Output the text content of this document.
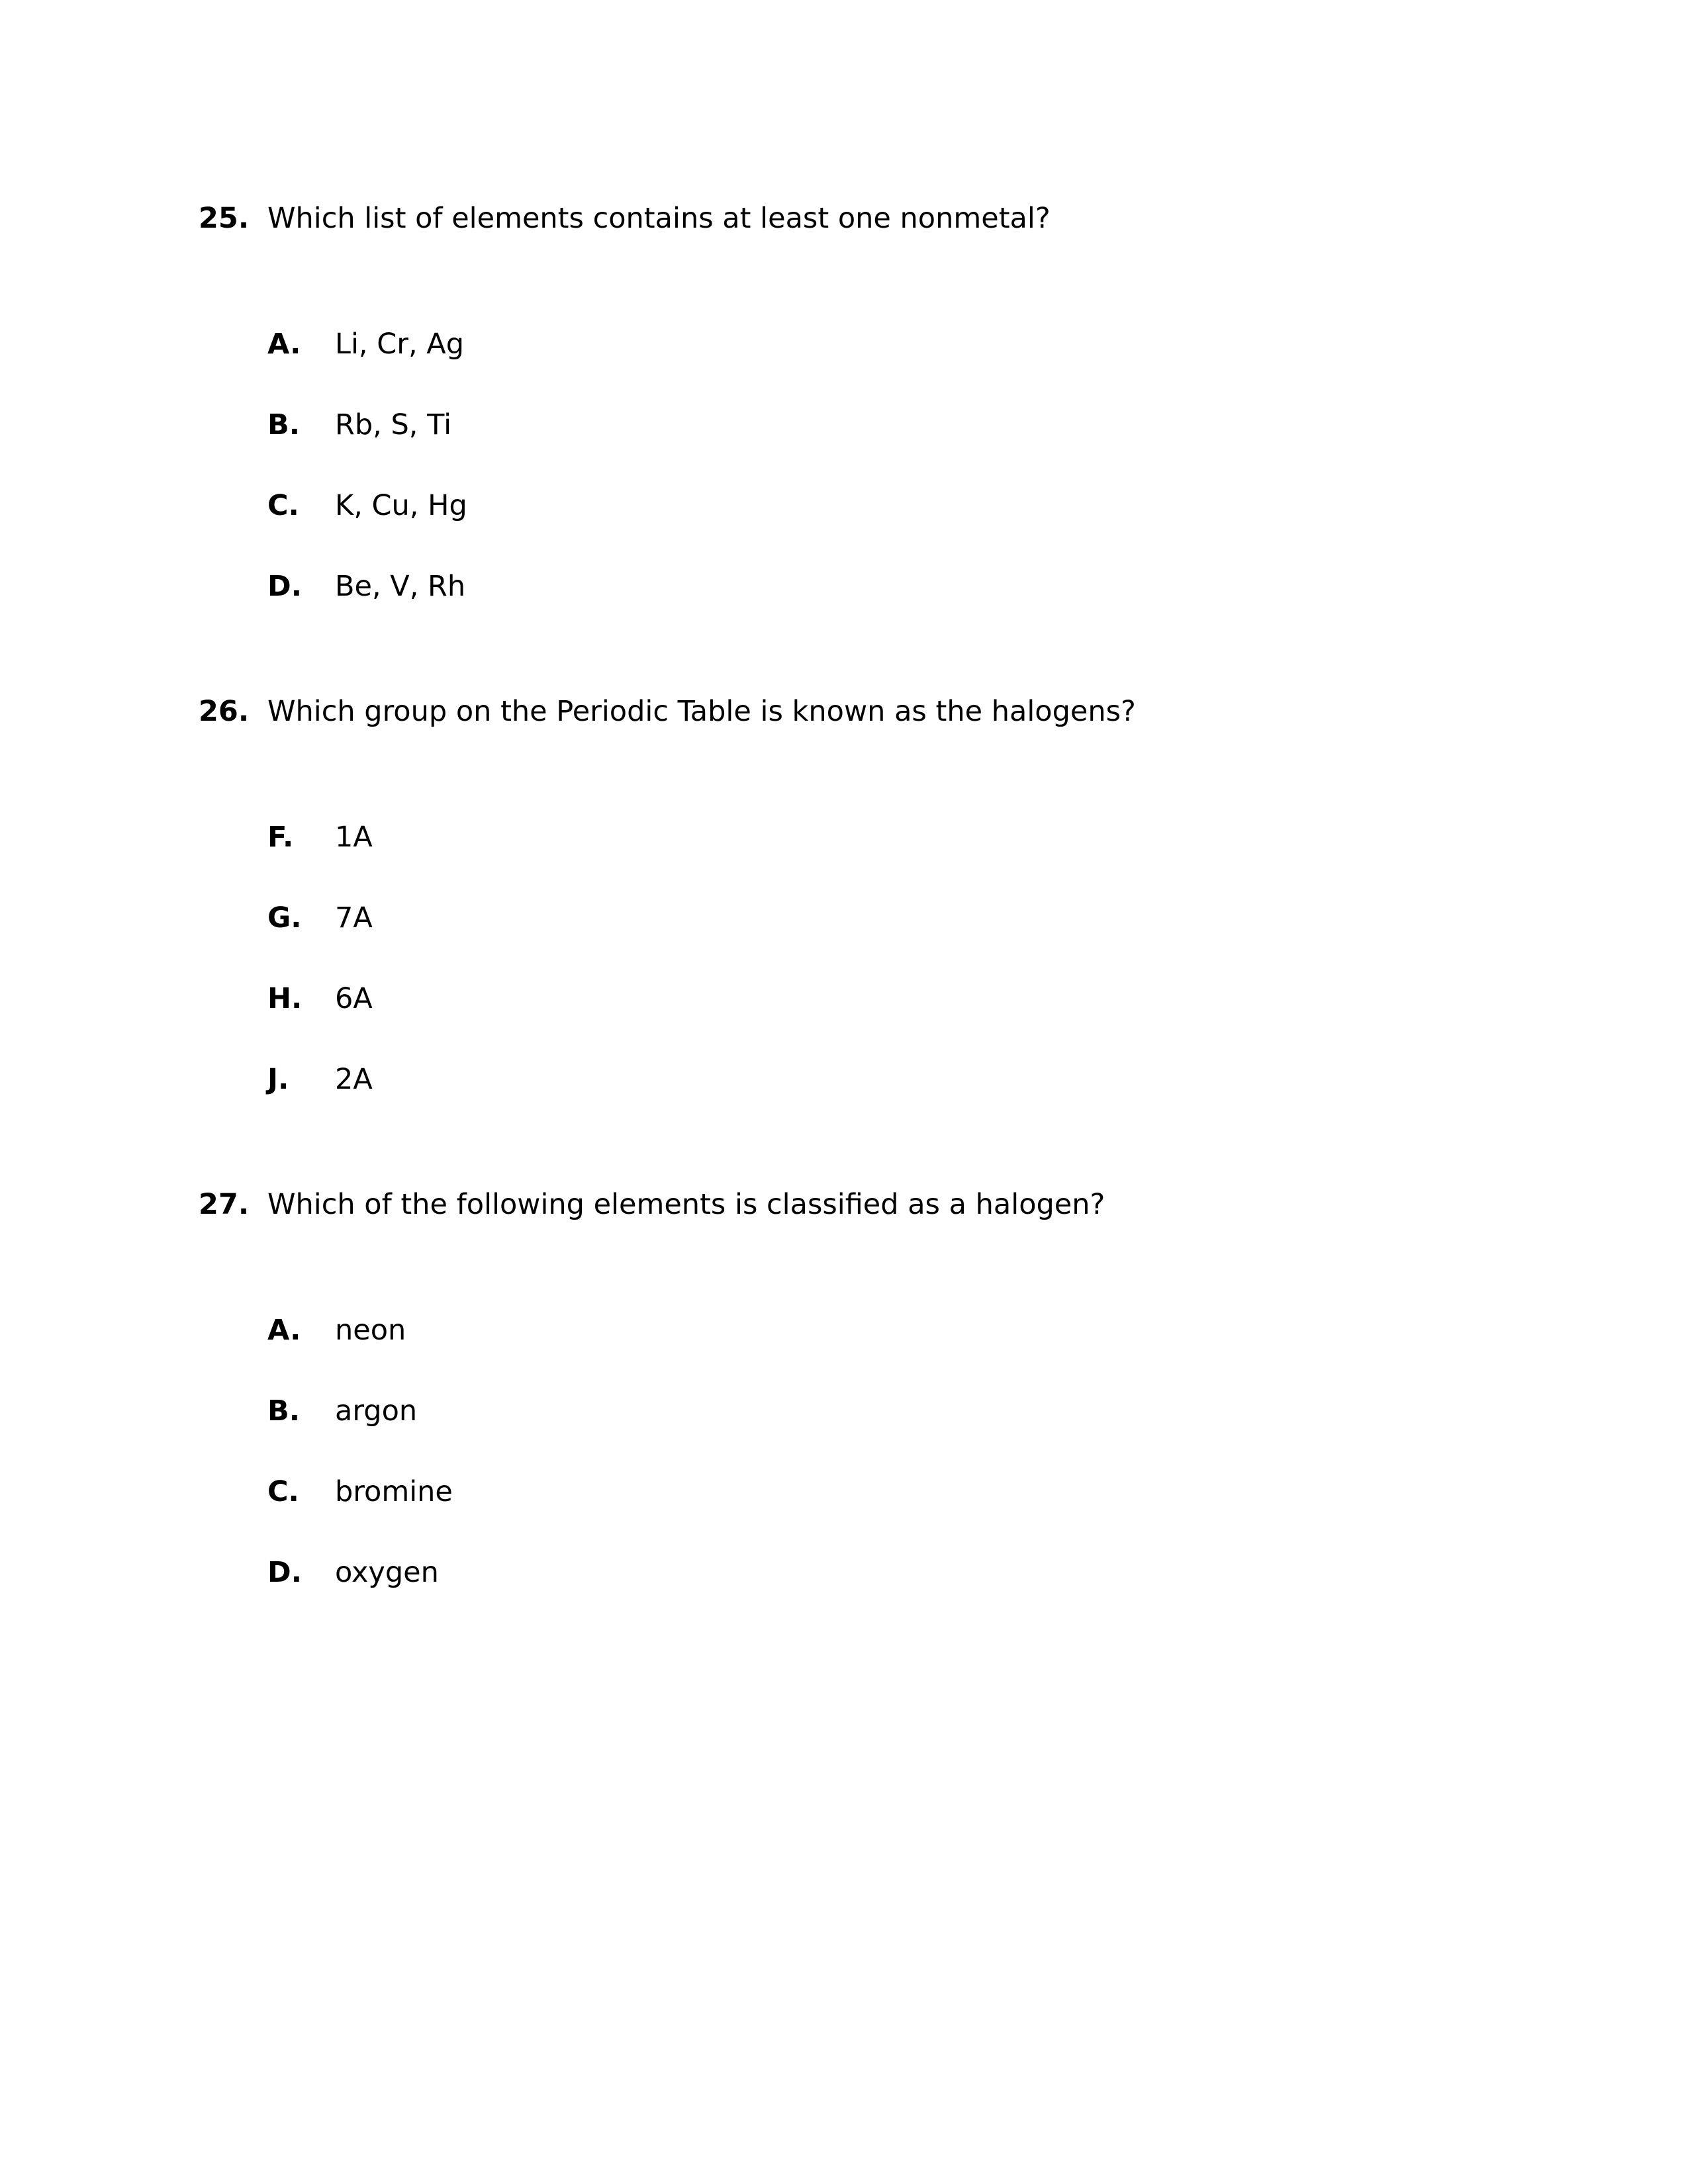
25. Which list of elements contains at least one nonmetal?
A. Li, Cr, Ag
B. Rb, S, Ti
C. K, Cu, Hg
D. Be, V, Rh
26. Which group on the Periodic Table is known as the halogens?
F. 1A
G. 7A
H. 6A
J. 2A
27. Which of the following elements is classified as a halogen?
A. neon
B. argon
C. bromine
D. oxygen
